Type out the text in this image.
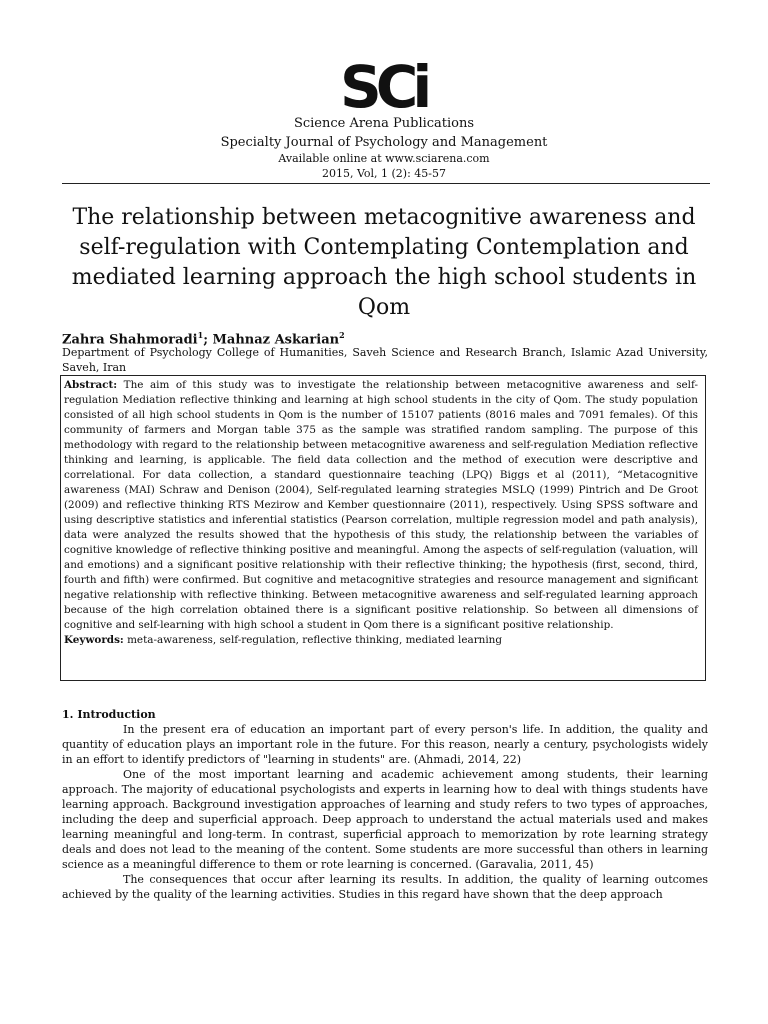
SCi
Science Arena Publications
Specialty Journal of Psychology and Management
Available online at www.sciarena.com
2015, Vol, 1 (2): 45-57
The relationship between metacognitive awareness and self-regulation with Contemplating Contemplation and mediated learning approach the high school students in Qom
Zahra Shahmoradi$^1$; Mahnaz Askarian$^2$
Department of Psychology College of Humanities, Saveh Science and Research Branch, Islamic Azad University, Saveh, Iran

Abstract: The aim of this study was to investigate the relationship between metacognitive awareness and self-regulation Mediation reflective thinking and learning at high school students in the city of Qom. The study population consisted of all high school students in Qom is the number of 15107 patients (8016 males and 7091 females). Of this community of farmers and Morgan table 375 as the sample was stratified random sampling. The purpose of this methodology with regard to the relationship between metacognitive awareness and self-regulation Mediation reflective thinking and learning, is applicable. The field data collection and the method of execution were descriptive and correlational. For data collection, a standard questionnaire teaching (LPQ) Biggs et al (2011), “Metacognitive awareness (MAI) Schraw and Denison (2004), Self-regulated learning strategies MSLQ (1999) Pintrich and De Groot (2009) and reflective thinking RTS Mezirow and Kember questionnaire (2011), respectively. Using SPSS software and using descriptive statistics and inferential statistics (Pearson correlation, multiple regression model and path analysis), data were analyzed the results showed that the hypothesis of this study, the relationship between the variables of cognitive knowledge of reflective thinking positive and meaningful. Among the aspects of self-regulation (valuation, will and emotions) and a significant positive relationship with their reflective thinking; the hypothesis (first, second, third, fourth and fifth) were confirmed. But cognitive and metacognitive strategies and resource management and significant negative relationship with reflective thinking. Between metacognitive awareness and self-regulated learning approach because of the high correlation obtained there is a significant positive relationship. So between all dimensions of cognitive and self-learning with high school a student in Qom there is a significant positive relationship.

Keywords: meta-awareness, self-regulation, reflective thinking, mediated learning

1. Introduction

In the present era of education an important part of every person's life. In addition, the quality and quantity of education plays an important role in the future. For this reason, nearly a century, psychologists widely in an effort to identify predictors of "learning in students" are. (Ahmadi, 2014, 22)

One of the most important learning and academic achievement among students, their learning approach. The majority of educational psychologists and experts in learning how to deal with things students have learning approach. Background investigation approaches of learning and study refers to two types of approaches, including the deep and superficial approach. Deep approach to understand the actual materials used and makes learning meaningful and long-term. In contrast, superficial approach to memorization by rote learning strategy deals and does not lead to the meaning of the content. Some students are more successful than others in learning science as a meaningful difference to them or rote learning is concerned. (Garavalia, 2011, 45)

The consequences that occur after learning its results. In addition, the quality of learning outcomes achieved by the quality of the learning activities. Studies in this regard have shown that the deep approach
